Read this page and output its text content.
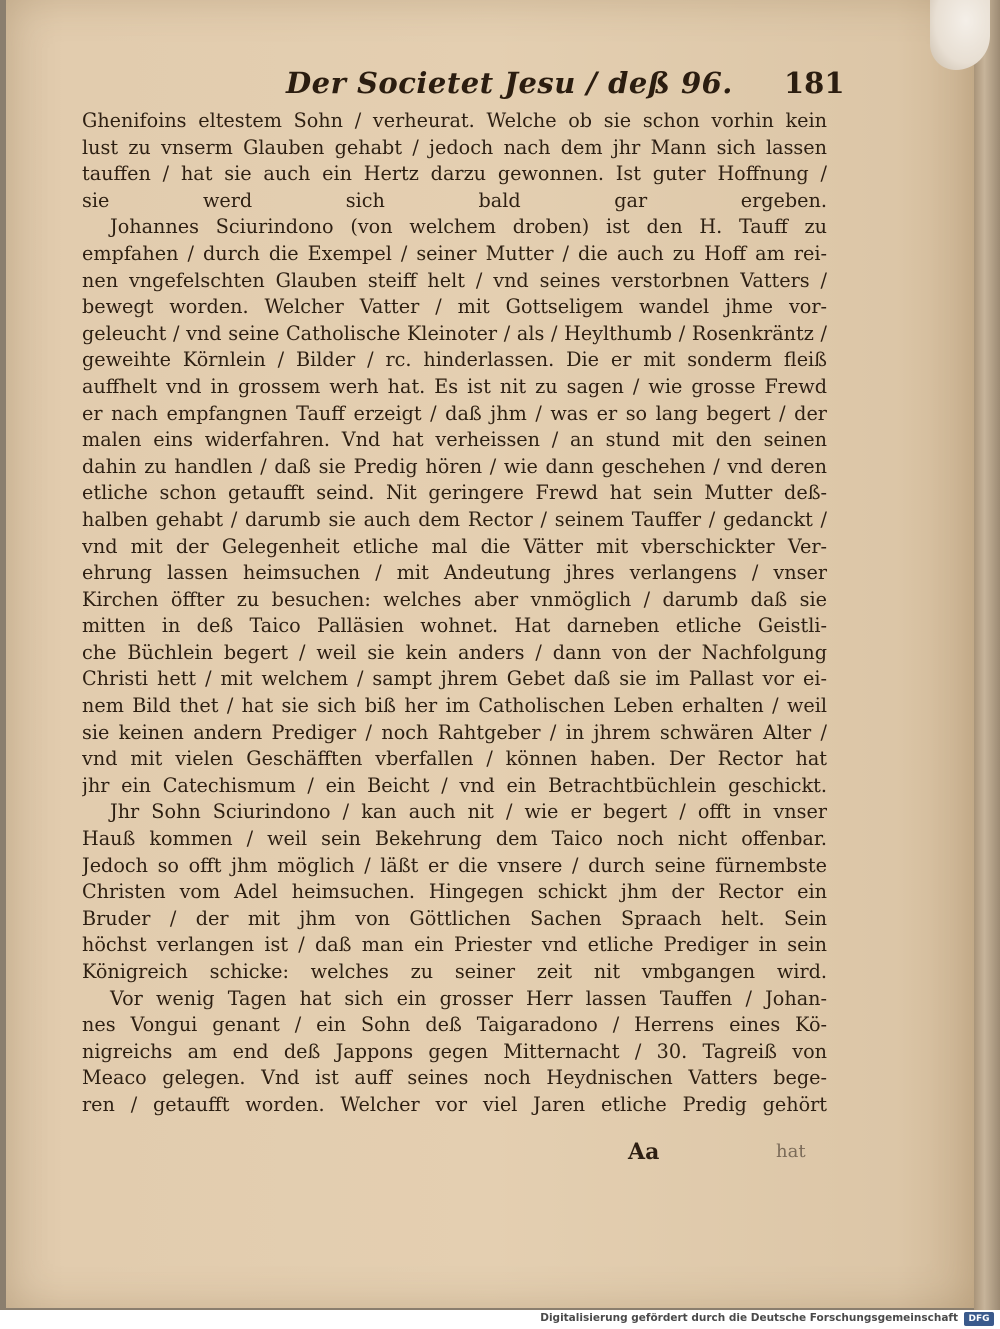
Der Societet Jesu / deß 96. 181
Ghenifoins eltestem Sohn / verheurat. Welche ob sie schon vorhin kein
lust zu vnserm Glauben gehabt / jedoch nach dem jhr Mann sich lassen
tauffen / hat sie auch ein Hertz darzu gewonnen. Ist guter Hoffnung /
sie werd sich bald gar ergeben.
Johannes Sciurindono (von welchem droben) ist den H. Tauff zu
empfahen / durch die Exempel / seiner Mutter / die auch zu Hoff am rei-
nen vngefelschten Glauben steiff helt / vnd seines verstorbnen Vatters /
bewegt worden. Welcher Vatter / mit Gottseligem wandel jhme vor-
geleucht / vnd seine Catholische Kleinoter / als / Heylthumb / Rosenkräntz /
geweihte Körnlein / Bilder / rc. hinderlassen. Die er mit sonderm fleiß
auffhelt vnd in grossem werh hat. Es ist nit zu sagen / wie grosse Frewd
er nach empfangnen Tauff erzeigt / daß jhm / was er so lang begert / der
malen eins widerfahren. Vnd hat verheissen / an stund mit den seinen
dahin zu handlen / daß sie Predig hören / wie dann geschehen / vnd deren
etliche schon getaufft seind. Nit geringere Frewd hat sein Mutter deß-
halben gehabt / darumb sie auch dem Rector / seinem Tauffer / gedanckt /
vnd mit der Gelegenheit etliche mal die Vätter mit vberschickter Ver-
ehrung lassen heimsuchen / mit Andeutung jhres verlangens / vnser
Kirchen öffter zu besuchen: welches aber vnmöglich / darumb daß sie
mitten in deß Taico Palläsien wohnet. Hat darneben etliche Geistli-
che Büchlein begert / weil sie kein anders / dann von der Nachfolgung
Christi hett / mit welchem / sampt jhrem Gebet daß sie im Pallast vor ei-
nem Bild thet / hat sie sich biß her im Catholischen Leben erhalten / weil
sie keinen andern Prediger / noch Rahtgeber / in jhrem schwären Alter /
vnd mit vielen Geschäfften vberfallen / können haben. Der Rector hat
jhr ein Catechismum / ein Beicht / vnd ein Betrachtbüchlein geschickt.
Jhr Sohn Sciurindono / kan auch nit / wie er begert / offt in vnser
Hauß kommen / weil sein Bekehrung dem Taico noch nicht offenbar.
Jedoch so offt jhm möglich / läßt er die vnsere / durch seine fürnembste
Christen vom Adel heimsuchen. Hingegen schickt jhm der Rector ein
Bruder / der mit jhm von Göttlichen Sachen Spraach helt. Sein
höchst verlangen ist / daß man ein Priester vnd etliche Prediger in sein
Königreich schicke: welches zu seiner zeit nit vmbgangen wird.
Vor wenig Tagen hat sich ein grosser Herr lassen Tauffen / Johan-
nes Vongui genant / ein Sohn deß Taigaradono / Herrens eines Kö-
nigreichs am end deß Jappons gegen Mitternacht / 30. Tagreiß von
Meaco gelegen. Vnd ist auff seines noch Heydnischen Vatters bege-
ren / getaufft worden. Welcher vor viel Jaren etliche Predig gehört
Aa	hat
Digitalisierung gefördert durch die Deutsche Forschungsgemeinschaft	DFG
